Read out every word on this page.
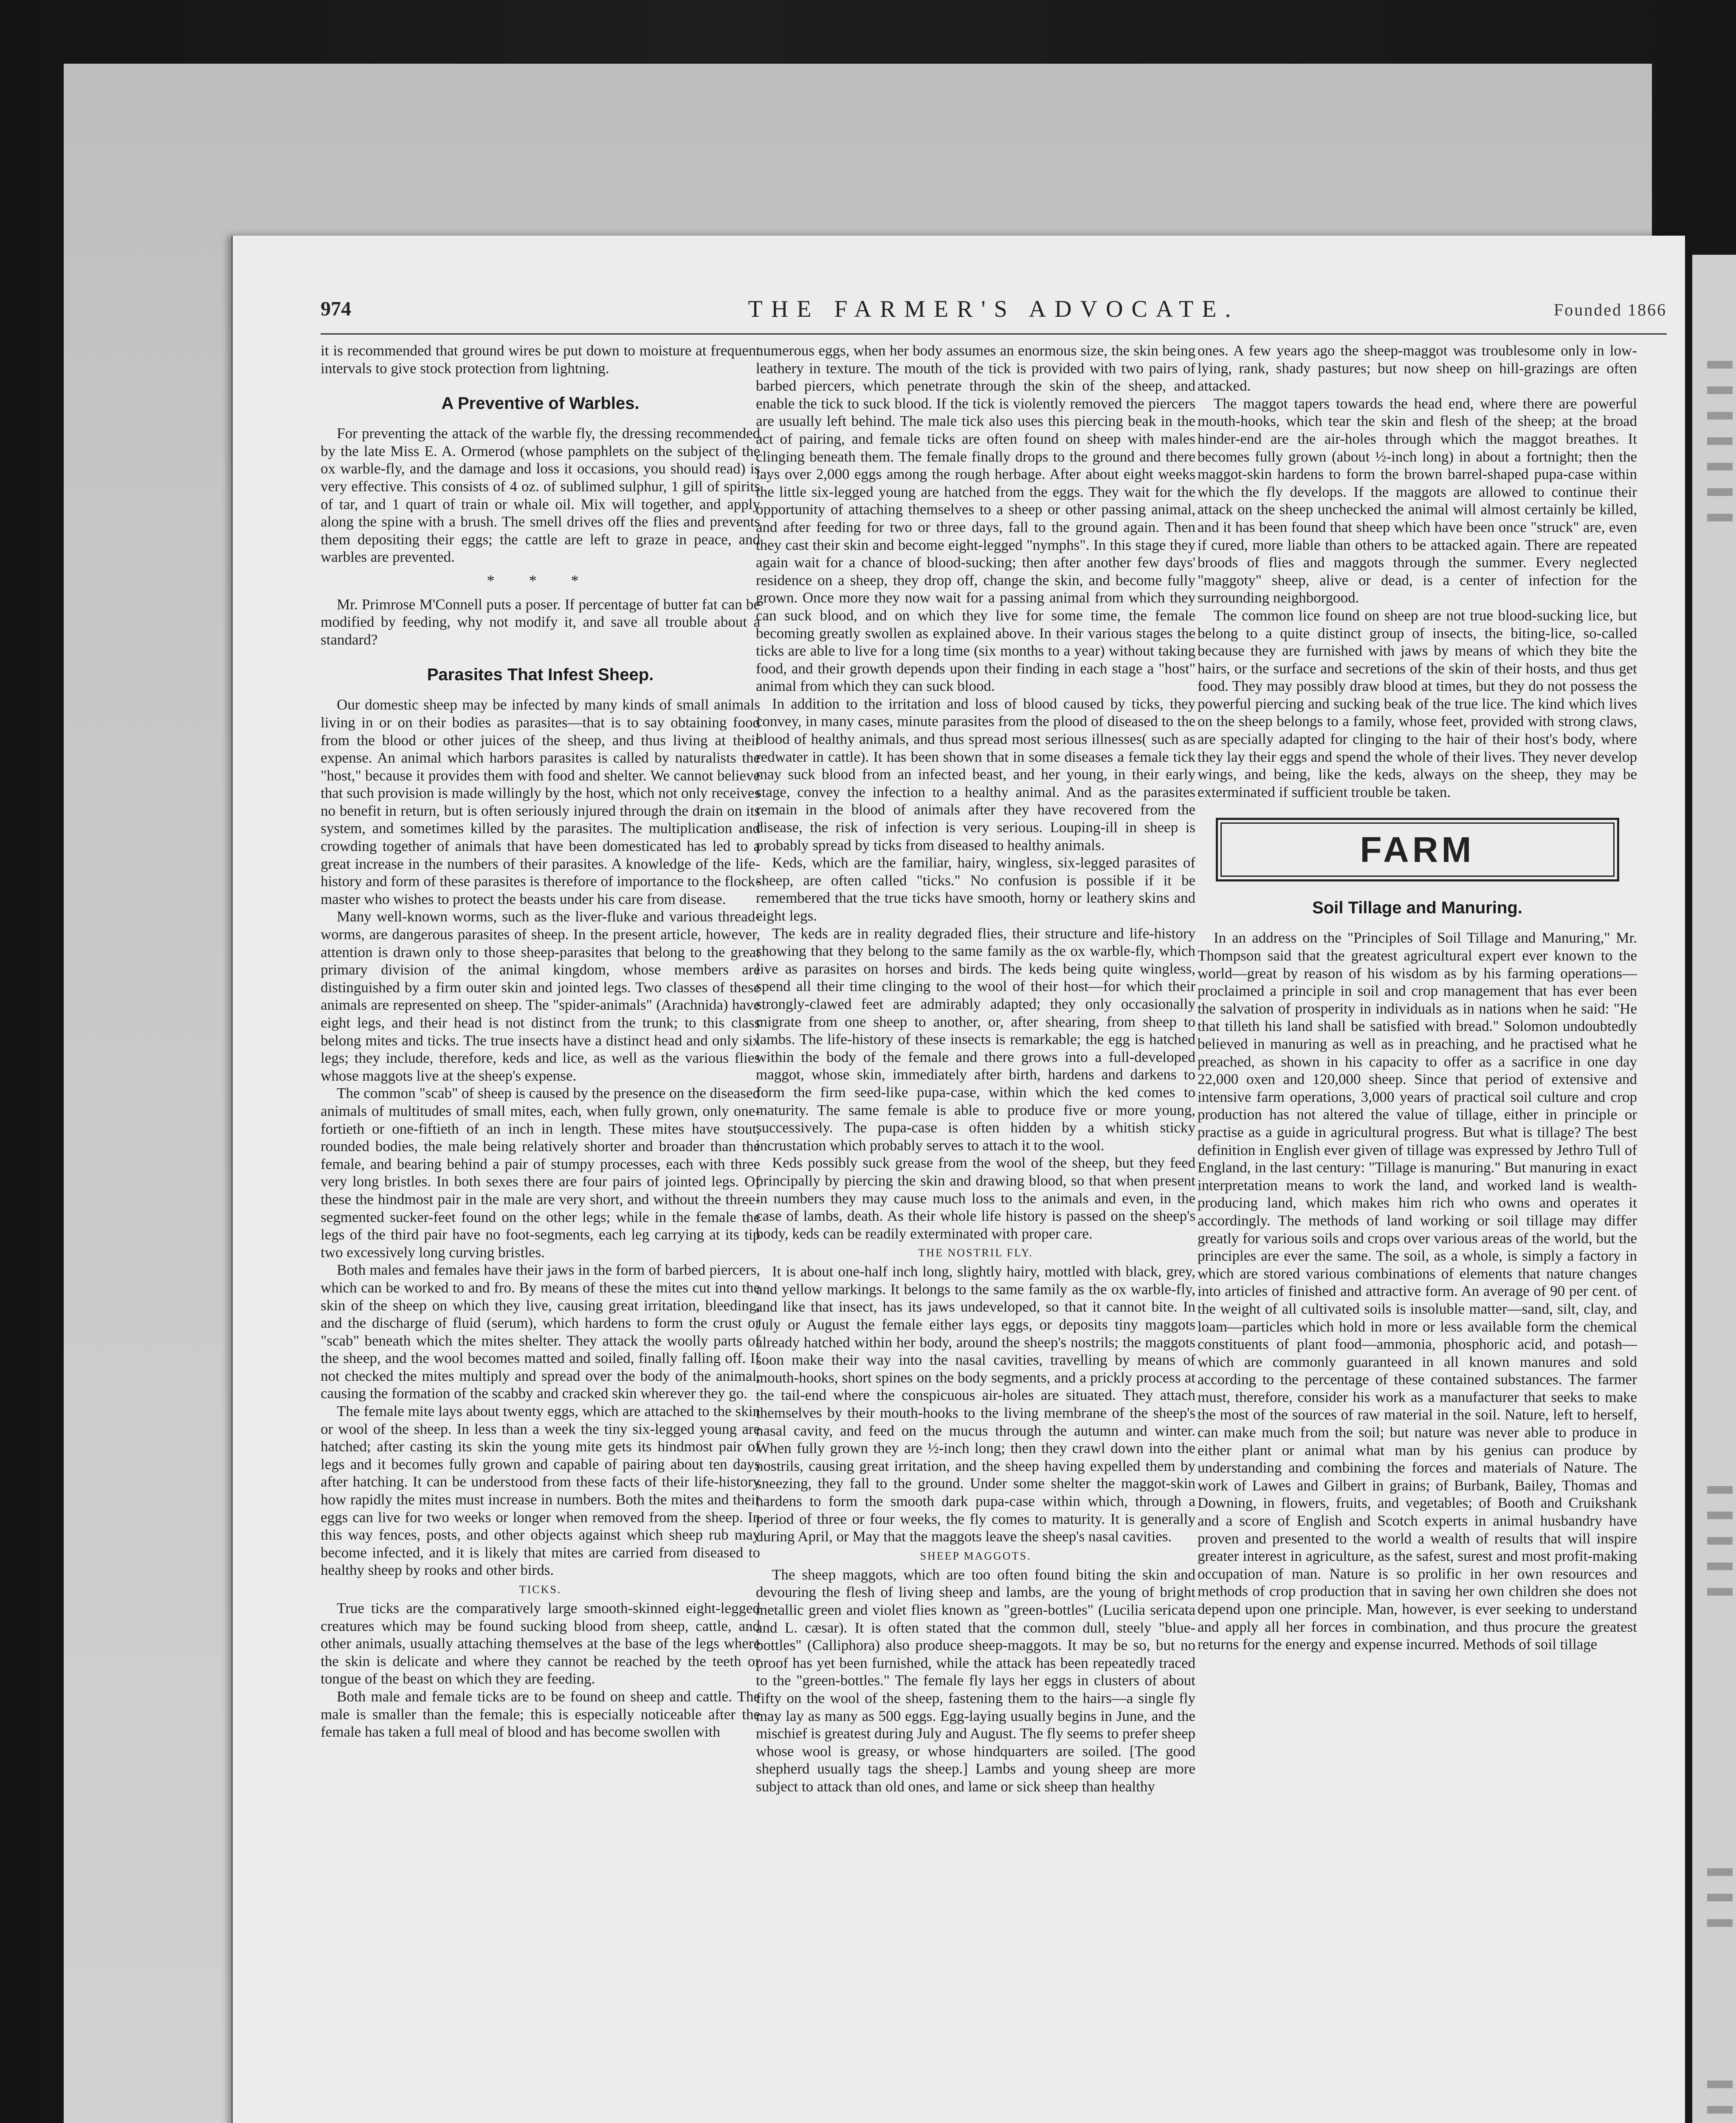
974	THE FARMER'S ADVOCATE.	Founded 1866

it is recommended that ground wires be put down to moisture at frequent intervals to give stock protection from lightning.

A Preventive of Warbles.

For preventing the attack of the warble fly, the dressing recommended by the late Miss E. A. Ormerod (whose pamphlets on the subject of the ox warble-fly, and the damage and loss it occasions, you should read) is very effective. This consists of 4 oz. of sublimed sulphur, 1 gill of spirits of tar, and 1 quart of train or whale oil. Mix will together, and apply along the spine with a brush. The smell drives off the flies and prevents them depositing their eggs; the cattle are left to graze in peace, and warbles are prevented.

* * *

Mr. Primrose M'Connell puts a poser. If percentage of butter fat can be modified by feeding, why not modify it, and save all trouble about a standard?

Parasites That Infest Sheep.

Our domestic sheep may be infected by many kinds of small animals living in or on their bodies as parasites—that is to say obtaining food from the blood or other juices of the sheep, and thus living at their expense. An animal which harbors parasites is called by naturalists the "host," because it provides them with food and shelter. We cannot believe that such provision is made willingly by the host, which not only receives no benefit in return, but is often seriously injured through the drain on its system, and sometimes killed by the parasites. The multiplication and crowding together of animals that have been domesticated has led to a great increase in the numbers of their parasites. A knowledge of the life-history and form of these parasites is therefore of importance to the flock-master who wishes to protect the beasts under his care from disease.

Many well-known worms, such as the liver-fluke and various thread-worms, are dangerous parasites of sheep. In the present article, however, attention is drawn only to those sheep-parasites that belong to the great primary division of the animal kingdom, whose members are distinguished by a firm outer skin and jointed legs. Two classes of these animals are represented on sheep. The "spider-animals" (Arachnida) have eight legs, and their head is not distinct from the trunk; to this class belong mites and ticks. The true insects have a distinct head and only six legs; they include, therefore, keds and lice, as well as the various flies whose maggots live at the sheep's expense.

The common "scab" of sheep is caused by the presence on the diseased animals of multitudes of small mites, each, when fully grown, only one-fortieth or one-fiftieth of an inch in length. These mites have stout, rounded bodies, the male being relatively shorter and broader than the female, and bearing behind a pair of stumpy processes, each with three very long bristles. In both sexes there are four pairs of jointed legs. Of these the hindmost pair in the male are very short, and without the three-segmented sucker-feet found on the other legs; while in the female the legs of the third pair have no foot-segments, each leg carrying at its tip two excessively long curving bristles.

Both males and females have their jaws in the form of barbed piercers, which can be worked to and fro. By means of these the mites cut into the skin of the sheep on which they live, causing great irritation, bleeding, and the discharge of fluid (serum), which hardens to form the crust or "scab" beneath which the mites shelter. They attack the woolly parts of the sheep, and the wool becomes matted and soiled, finally falling off. If not checked the mites multiply and spread over the body of the animal, causing the formation of the scabby and cracked skin wherever they go.

The female mite lays about twenty eggs, which are attached to the skin or wool of the sheep. In less than a week the tiny six-legged young are hatched; after casting its skin the young mite gets its hindmost pair of legs and it becomes fully grown and capable of pairing about ten days after hatching. It can be understood from these facts of their life-history how rapidly the mites must increase in numbers. Both the mites and their eggs can live for two weeks or longer when removed from the sheep. In this way fences, posts, and other objects against which sheep rub may become infected, and it is likely that mites are carried from diseased to healthy sheep by rooks and other birds.

TICKS.

True ticks are the comparatively large smooth-skinned eight-legged creatures which may be found sucking blood from sheep, cattle, and other animals, usually attaching themselves at the base of the legs where the skin is delicate and where they cannot be reached by the teeth or tongue of the beast on which they are feeding.

Both male and female ticks are to be found on sheep and cattle. The male is smaller than the female; this is especially noticeable after the female has taken a full meal of blood and has become swollen with

numerous eggs, when her body assumes an enormous size, the skin being leathery in texture. The mouth of the tick is provided with two pairs of barbed piercers, which penetrate through the skin of the sheep, and enable the tick to suck blood. If the tick is violently removed the piercers are usually left behind. The male tick also uses this piercing beak in the act of pairing, and female ticks are often found on sheep with males clinging beneath them. The female finally drops to the ground and there lays over 2,000 eggs among the rough herbage. After about eight weeks the little six-legged young are hatched from the eggs. They wait for the opportunity of attaching themselves to a sheep or other passing animal, and after feeding for two or three days, fall to the ground again. Then they cast their skin and become eight-legged "nymphs". In this stage they again wait for a chance of blood-sucking; then after another few days' residence on a sheep, they drop off, change the skin, and become fully grown. Once more they now wait for a passing animal from which they can suck blood, and on which they live for some time, the female becoming greatly swollen as explained above. In their various stages the ticks are able to live for a long time (six months to a year) without taking food, and their growth depends upon their finding in each stage a "host" animal from which they can suck blood.

In addition to the irritation and loss of blood caused by ticks, they convey, in many cases, minute parasites from the plood of diseased to the blood of healthy animals, and thus spread most serious illnesses( such as redwater in cattle). It has been shown that in some diseases a female tick may suck blood from an infected beast, and her young, in their early stage, convey the infection to a healthy animal. And as the parasites remain in the blood of animals after they have recovered from the disease, the risk of infection is very serious. Louping-ill in sheep is probably spread by ticks from diseased to healthy animals.

Keds, which are the familiar, hairy, wingless, six-legged parasites of sheep, are often called "ticks." No confusion is possible if it be remembered that the true ticks have smooth, horny or leathery skins and eight legs.

The keds are in reality degraded flies, their structure and life-history showing that they belong to the same family as the ox warble-fly, which live as parasites on horses and birds. The keds being quite wingless, spend all their time clinging to the wool of their host—for which their strongly-clawed feet are admirably adapted; they only occasionally migrate from one sheep to another, or, after shearing, from sheep to lambs. The life-history of these insects is remarkable; the egg is hatched within the body of the female and there grows into a full-developed maggot, whose skin, immediately after birth, hardens and darkens to form the firm seed-like pupa-case, within which the ked comes to maturity. The same female is able to produce five or more young, successively. The pupa-case is often hidden by a whitish sticky incrustation which probably serves to attach it to the wool.

Keds possibly suck grease from the wool of the sheep, but they feed principally by piercing the skin and drawing blood, so that when present in numbers they may cause much loss to the animals and even, in the case of lambs, death. As their whole life history is passed on the sheep's body, keds can be readily exterminated with proper care.

THE NOSTRIL FLY.

It is about one-half inch long, slightly hairy, mottled with black, grey, and yellow markings. It belongs to the same family as the ox warble-fly, and like that insect, has its jaws undeveloped, so that it cannot bite. In July or August the female either lays eggs, or deposits tiny maggots already hatched within her body, around the sheep's nostrils; the maggots soon make their way into the nasal cavities, travelling by means of mouth-hooks, short spines on the body segments, and a prickly process at the tail-end where the conspicuous air-holes are situated. They attach themselves by their mouth-hooks to the living membrane of the sheep's nasal cavity, and feed on the mucus through the autumn and winter. When fully grown they are ½-inch long; then they crawl down into the nostrils, causing great irritation, and the sheep having expelled them by sneezing, they fall to the ground. Under some shelter the maggot-skin hardens to form the smooth dark pupa-case within which, through a period of three or four weeks, the fly comes to maturity. It is generally during April, or May that the maggots leave the sheep's nasal cavities.

SHEEP MAGGOTS.

The sheep maggots, which are too often found biting the skin and devouring the flesh of living sheep and lambs, are the young of bright metallic green and violet flies known as "green-bottles" (Lucilia sericata and L. cæsar). It is often stated that the common dull, steely "blue-bottles" (Calliphora) also produce sheep-maggots. It may be so, but no proof has yet been furnished, while the attack has been repeatedly traced to the "green-bottles." The female fly lays her eggs in clusters of about fifty on the wool of the sheep, fastening them to the hairs—a single fly may lay as many as 500 eggs. Egg-laying usually begins in June, and the mischief is greatest during July and August. The fly seems to prefer sheep whose wool is greasy, or whose hindquarters are soiled. [The good shepherd usually tags the sheep.] Lambs and young sheep are more subject to attack than old ones, and lame or sick sheep than healthy

ones. A few years ago the sheep-maggot was troublesome only in low-lying, rank, shady pastures; but now sheep on hill-grazings are often attacked.

The maggot tapers towards the head end, where there are powerful mouth-hooks, which tear the skin and flesh of the sheep; at the broad hinder-end are the air-holes through which the maggot breathes. It becomes fully grown (about ½-inch long) in about a fortnight; then the maggot-skin hardens to form the brown barrel-shaped pupa-case within which the fly develops. If the maggots are allowed to continue their attack on the sheep unchecked the animal will almost certainly be killed, and it has been found that sheep which have been once "struck" are, even if cured, more liable than others to be attacked again. There are repeated broods of flies and maggots through the summer. Every neglected "maggoty" sheep, alive or dead, is a center of infection for the surrounding neighborgood.

The common lice found on sheep are not true blood-sucking lice, but belong to a quite distinct group of insects, the biting-lice, so-called because they are furnished with jaws by means of which they bite the hairs, or the surface and secretions of the skin of their hosts, and thus get food. They may possibly draw blood at times, but they do not possess the powerful piercing and sucking beak of the true lice. The kind which lives on the sheep belongs to a family, whose feet, provided with strong claws, are specially adapted for clinging to the hair of their host's body, where they lay their eggs and spend the whole of their lives. They never develop wings, and being, like the keds, always on the sheep, they may be exterminated if sufficient trouble be taken.

FARM
Soil Tillage and Manuring.

In an address on the "Principles of Soil Tillage and Manuring," Mr. Thompson said that the greatest agricultural expert ever known to the world—great by reason of his wisdom as by his farming operations—proclaimed a principle in soil and crop management that has ever been the salvation of prosperity in individuals as in nations when he said: "He that tilleth his land shall be satisfied with bread." Solomon undoubtedly believed in manuring as well as in preaching, and he practised what he preached, as shown in his capacity to offer as a sacrifice in one day 22,000 oxen and 120,000 sheep. Since that period of extensive and intensive farm operations, 3,000 years of practical soil culture and crop production has not altered the value of tillage, either in principle or practise as a guide in agricultural progress. But what is tillage? The best definition in English ever given of tillage was expressed by Jethro Tull of England, in the last century: "Tillage is manuring." But manuring in exact interpretation means to work the land, and worked land is wealth-producing land, which makes him rich who owns and operates it accordingly. The methods of land working or soil tillage may differ greatly for various soils and crops over various areas of the world, but the principles are ever the same. The soil, as a whole, is simply a factory in which are stored various combinations of elements that nature changes into articles of finished and attractive form. An average of 90 per cent. of the weight of all cultivated soils is insoluble matter—sand, silt, clay, and loam—particles which hold in more or less available form the chemical constituents of plant food—ammonia, phosphoric acid, and potash—which are commonly guaranteed in all known manures and sold according to the percentage of these contained substances. The farmer must, therefore, consider his work as a manufacturer that seeks to make the most of the sources of raw material in the soil. Nature, left to herself, can make much from the soil; but nature was never able to produce in either plant or animal what man by his genius can produce by understanding and combining the forces and materials of Nature. The work of Lawes and Gilbert in grains; of Burbank, Bailey, Thomas and Downing, in flowers, fruits, and vegetables; of Booth and Cruikshank and a score of English and Scotch experts in animal husbandry have proven and presented to the world a wealth of results that will inspire greater interest in agriculture, as the safest, surest and most profit-making occupation of man. Nature is so prolific in her own resources and methods of crop production that in saving her own children she does not depend upon one principle. Man, however, is ever seeking to understand and apply all her forces in combination, and thus procure the greatest returns for the energy and expense incurred. Methods of soil tillage
